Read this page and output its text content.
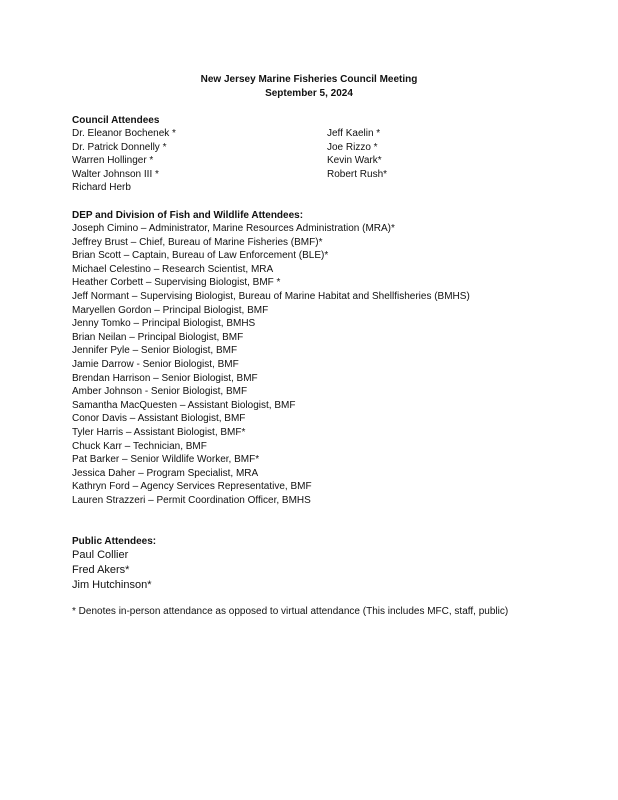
New Jersey Marine Fisheries Council Meeting
September 5, 2024
Council Attendees
Dr. Eleanor Bochenek *
Dr. Patrick Donnelly *
Warren Hollinger *
Walter Johnson III *
Richard Herb
Jeff Kaelin *
Joe Rizzo *
Kevin Wark*
Robert Rush*
DEP and Division of Fish and Wildlife Attendees:
Joseph Cimino – Administrator, Marine Resources Administration (MRA)*
Jeffrey Brust – Chief, Bureau of Marine Fisheries (BMF)*
Brian Scott – Captain, Bureau of Law Enforcement (BLE)*
Michael Celestino – Research Scientist, MRA
Heather Corbett – Supervising Biologist, BMF *
Jeff Normant – Supervising Biologist, Bureau of Marine Habitat and Shellfisheries (BMHS)
Maryellen Gordon – Principal Biologist, BMF
Jenny Tomko – Principal Biologist, BMHS
Brian Neilan – Principal Biologist, BMF
Jennifer Pyle – Senior Biologist, BMF
Jamie Darrow - Senior Biologist, BMF
Brendan Harrison – Senior Biologist, BMF
Amber Johnson - Senior Biologist, BMF
Samantha MacQuesten – Assistant Biologist, BMF
Conor Davis – Assistant Biologist, BMF
Tyler Harris – Assistant Biologist, BMF*
Chuck Karr – Technician, BMF
Pat Barker – Senior Wildlife Worker, BMF*
Jessica Daher – Program Specialist, MRA
Kathryn Ford – Agency Services Representative, BMF
Lauren Strazzeri – Permit Coordination Officer, BMHS
Public Attendees:
Paul Collier
Fred Akers*
Jim Hutchinson*
* Denotes in-person attendance as opposed to virtual attendance (This includes MFC, staff, public)
